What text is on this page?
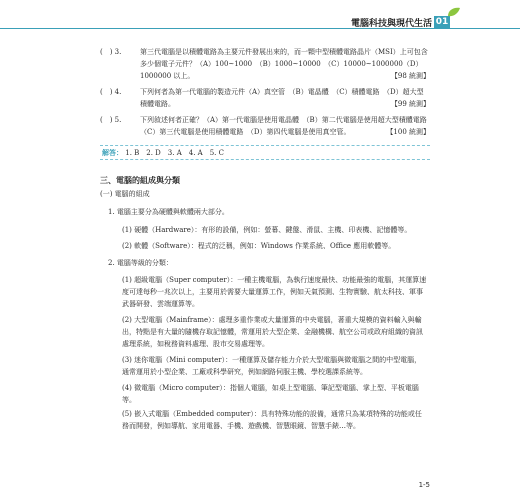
電腦科技與現代生活 01
(　) 3.	第三代電腦是以積體電路為主要元件發展出來的，而一顆中型積體電路晶片（MSI）上可包含多少個電子元件？（A）100~1000　（B）1000~10000　（C）10000~1000000（D）1000000 以上。	【98 統測】
(　) 4.	下列何者為第一代電腦的製造元件（A）真空管　（B）電晶體　（C）積體電路　（D）超大型積體電路。	【99 統測】
(　) 5.	下列敘述何者正確？（A）第一代電腦是使用電晶體　（B）第二代電腦是使用超大型積體電路　（C）第三代電腦是使用積體電路　（D）第四代電腦是使用真空管。	【100 統測】
解答： 1. B　2. D　3. A　4. A　5. C
三、電腦的組成與分類
(一) 電腦的組成
1. 電腦主要分為硬體與軟體兩大部分。
(1) 硬體（Hardware）：有形的設備，例如：螢幕、鍵盤、滑鼠、主機、印表機、記憶體等。
(2) 軟體（Software）：程式的泛稱，例如：Windows 作業系統、Office 應用軟體等。
2. 電腦等級的分類：
(1) 超級電腦（Super computer）：一種主機電腦，為執行速度最快、功能最強的電腦，其運算速度可達每秒一兆次以上，主要用於需要大量運算工作，例如天氣預測、生物實驗、航太科技、軍事武器研發、雲端運算等。
(2) 大型電腦（Mainframe）：處理多重作業或大量運算的中央電腦，著重大規模的資料輸入與輸出，特點是有大量的隨機存取記憶體，常運用於大型企業、金融機構、航空公司或政府組織的資訊處理系統，如稅務資料處理、股市交易處理等。
(3) 迷你電腦（Mini computer）：一種運算及儲存能力介於大型電腦與微電腦之間的中型電腦，通常運用於小型企業、工廠或科學研究，例如網路伺服主機、學校選課系統等。
(4) 微電腦（Micro computer）：指個人電腦，如桌上型電腦、筆記型電腦、掌上型、平板電腦等。
(5) 嵌入式電腦（Embedded computer）：具有特殊功能的設備，通常只為某項特殊的功能或任務而開發，例如導航、家用電器、手機、遊戲機、智慧眼鏡、智慧手錶…等。
1-5
